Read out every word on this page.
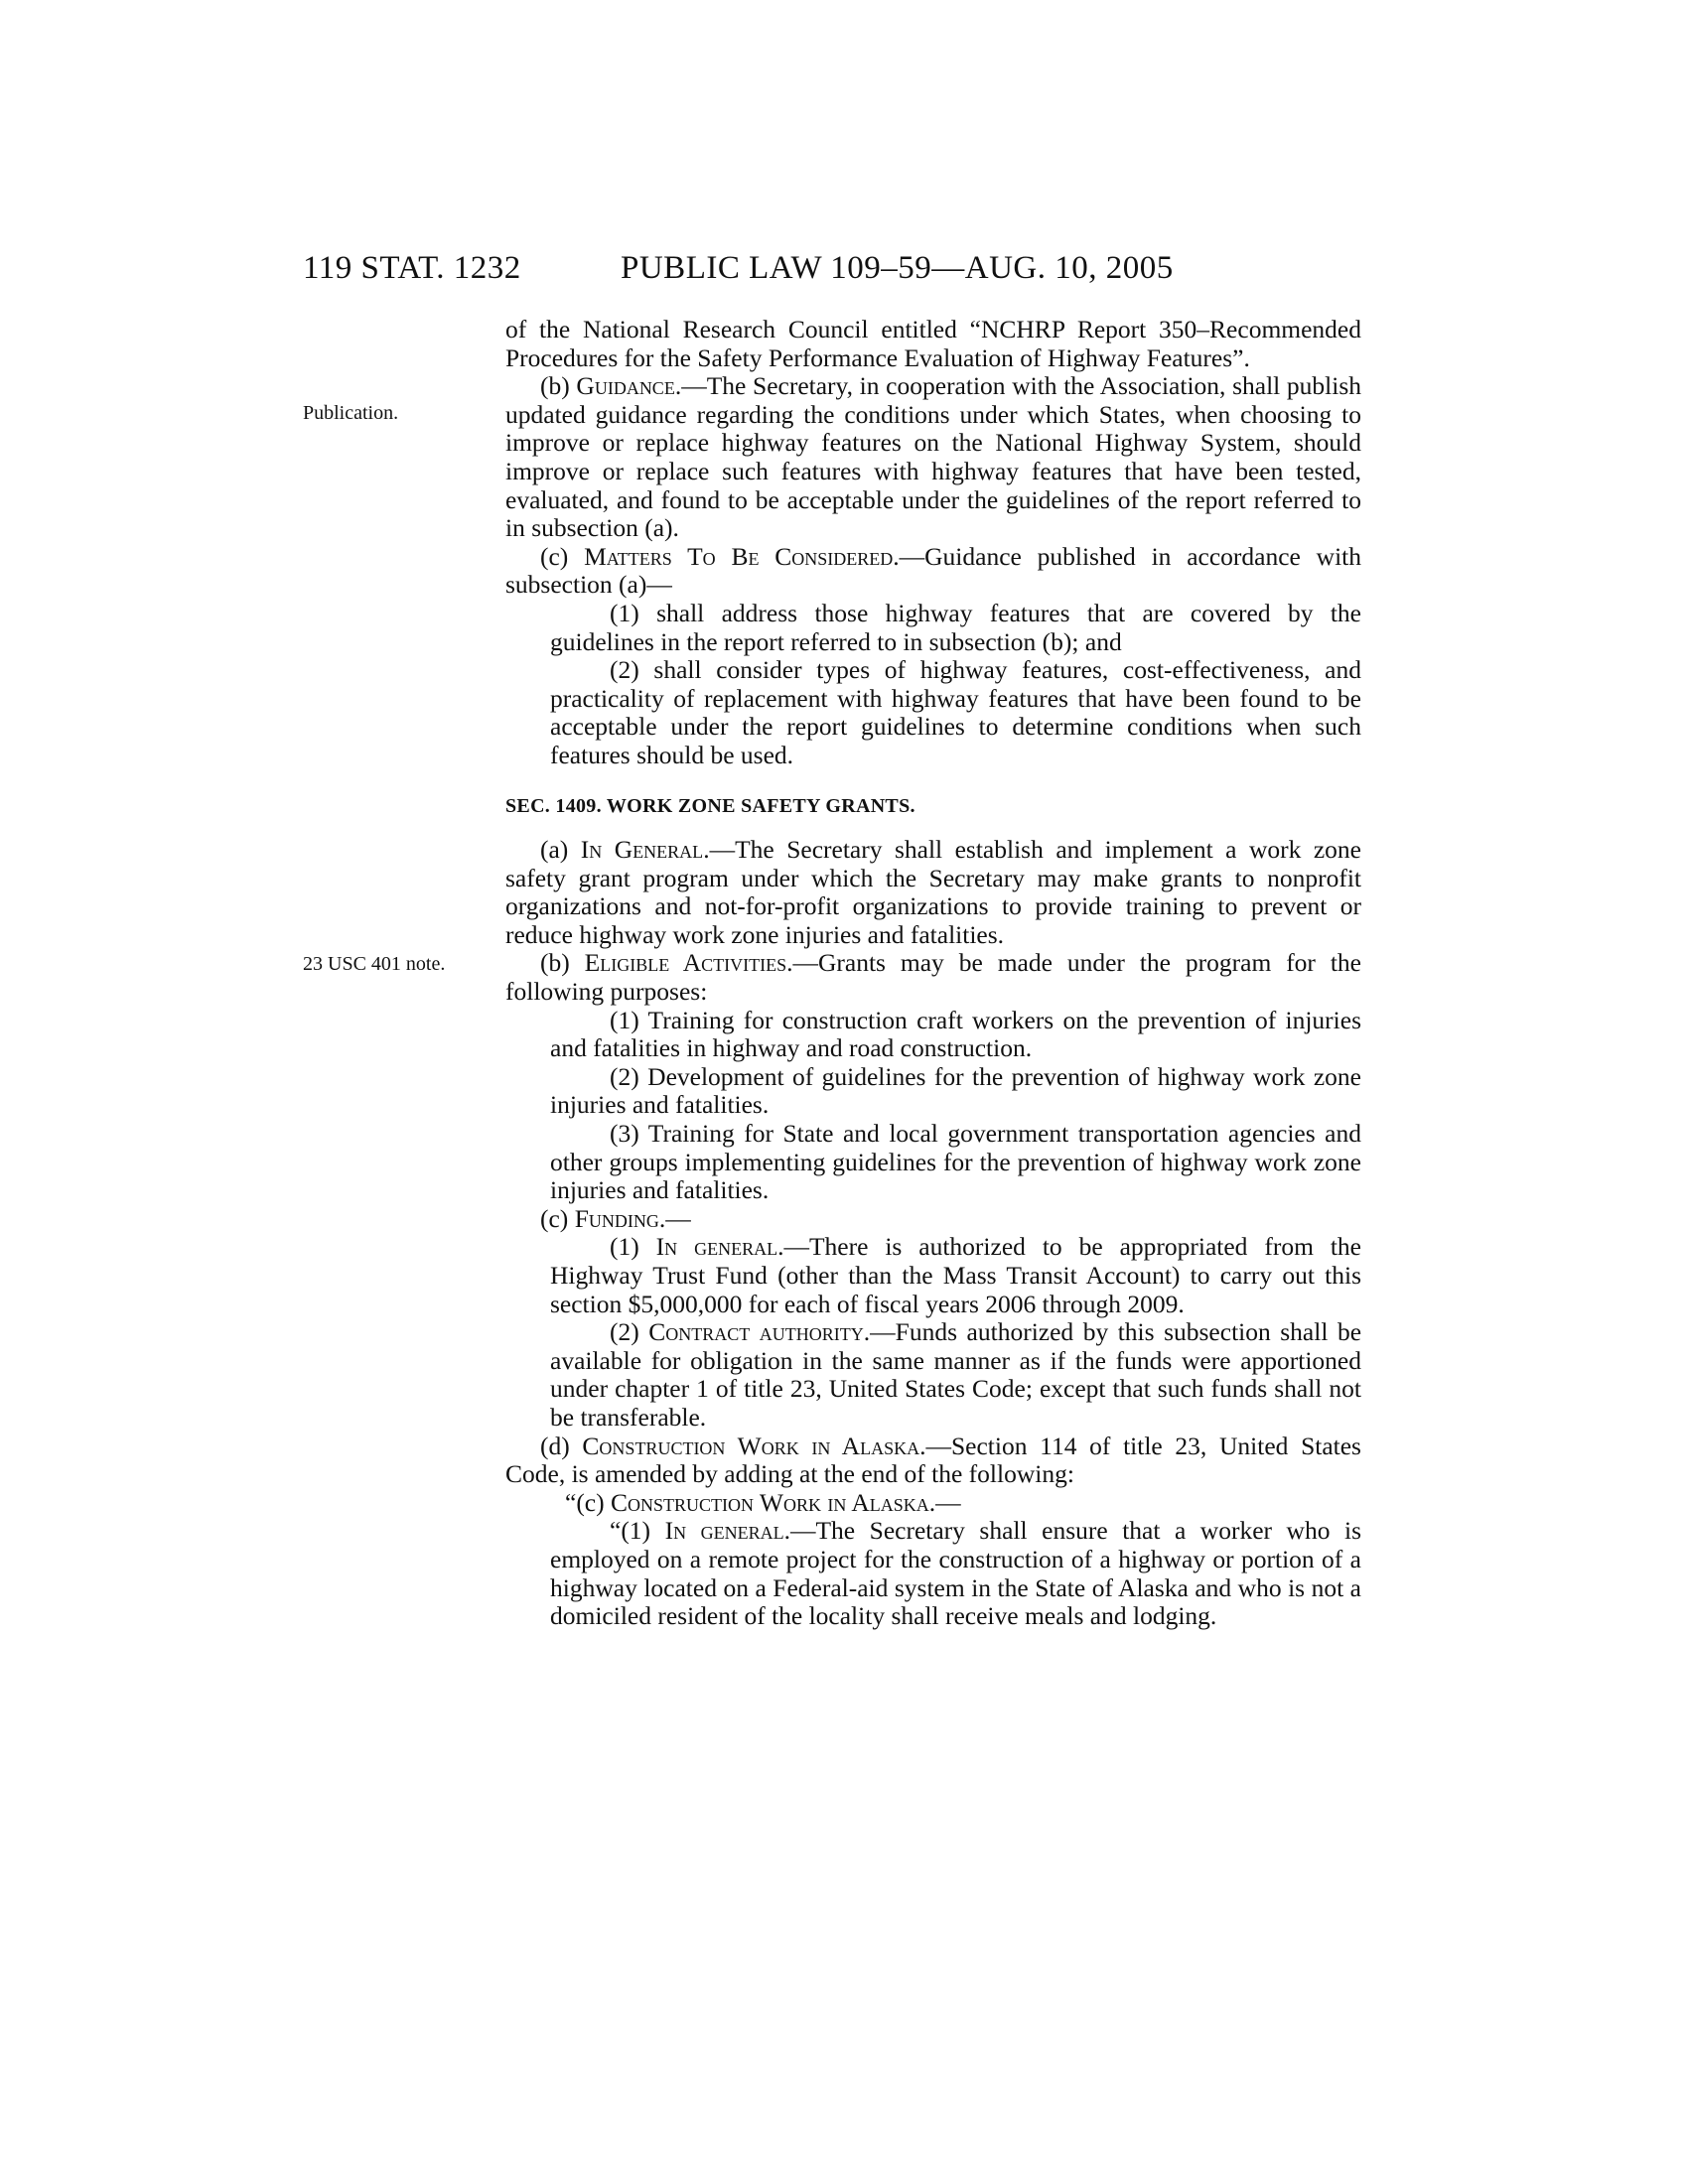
119 STAT. 1232	PUBLIC LAW 109–59—AUG. 10, 2005
Publication.
23 USC 401 note.

of the National Research Council entitled “NCHRP Report 350–Recommended Procedures for the Safety Performance Evaluation of Highway Features”.

(b) Guidance.—The Secretary, in cooperation with the Association, shall publish updated guidance regarding the conditions under which States, when choosing to improve or replace highway features on the National Highway System, should improve or replace such features with highway features that have been tested, evaluated, and found to be acceptable under the guidelines of the report referred to in subsection (a).

(c) Matters To Be Considered.—Guidance published in accordance with subsection (a)—

(1) shall address those highway features that are covered by the guidelines in the report referred to in subsection (b); and

(2) shall consider types of highway features, cost-effectiveness, and practicality of replacement with highway features that have been found to be acceptable under the report guidelines to determine conditions when such features should be used.

SEC. 1409. WORK ZONE SAFETY GRANTS.

(a) In General.—The Secretary shall establish and implement a work zone safety grant program under which the Secretary may make grants to nonprofit organizations and not-for-profit organizations to provide training to prevent or reduce highway work zone injuries and fatalities.

(b) Eligible Activities.—Grants may be made under the program for the following purposes:

(1) Training for construction craft workers on the prevention of injuries and fatalities in highway and road construction.

(2) Development of guidelines for the prevention of highway work zone injuries and fatalities.

(3) Training for State and local government transportation agencies and other groups implementing guidelines for the prevention of highway work zone injuries and fatalities.

(c) Funding.—

(1) In general.—There is authorized to be appropriated from the Highway Trust Fund (other than the Mass Transit Account) to carry out this section $5,000,000 for each of fiscal years 2006 through 2009.

(2) Contract authority.—Funds authorized by this subsection shall be available for obligation in the same manner as if the funds were apportioned under chapter 1 of title 23, United States Code; except that such funds shall not be transferable.

(d) Construction Work in Alaska.—Section 114 of title 23, United States Code, is amended by adding at the end of the following:

“(c) Construction Work in Alaska.—

“(1) In general.—The Secretary shall ensure that a worker who is employed on a remote project for the construction of a highway or portion of a highway located on a Federal-aid system in the State of Alaska and who is not a domiciled resident of the locality shall receive meals and lodging.
